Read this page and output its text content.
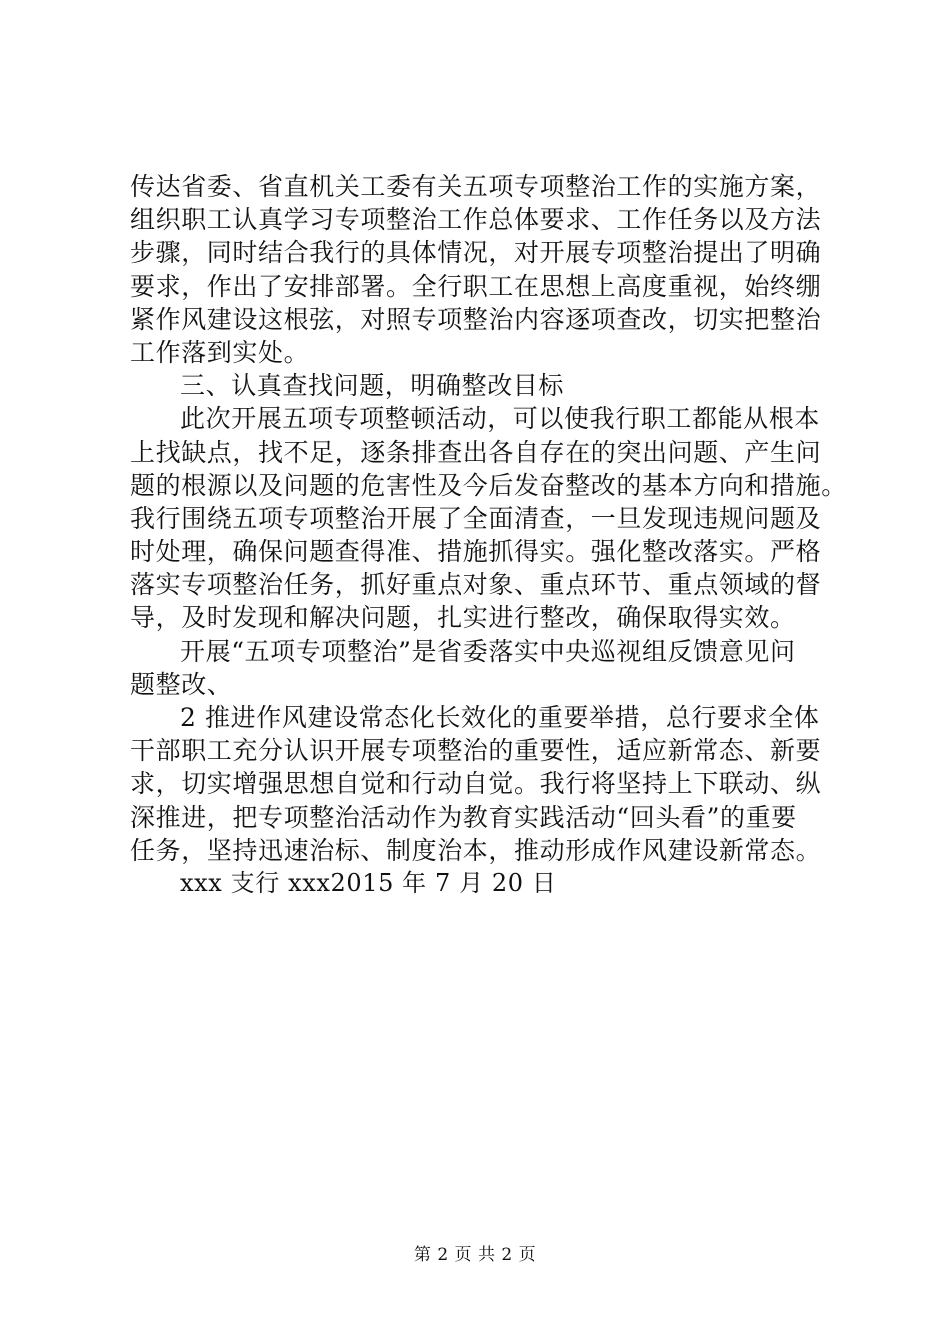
传达省委、省直机关工委有关五项专项整治工作的实施方案，
组织职工认真学习专项整治工作总体要求、工作任务以及方法
步骤，同时结合我行的具体情况，对开展专项整治提出了明确
要求，作出了安排部署。全行职工在思想上高度重视，始终绷
紧作风建设这根弦，对照专项整治内容逐项查改，切实把整治
工作落到实处。
三、认真查找问题，明确整改目标
此次开展五项专项整顿活动，可以使我行职工都能从根本
上找缺点，找不足，逐条排查出各自存在的突出问题、产生问
题的根源以及问题的危害性及今后发奋整改的基本方向和措施。
我行围绕五项专项整治开展了全面清查，一旦发现违规问题及
时处理，确保问题查得准、措施抓得实。强化整改落实。严格
落实专项整治任务，抓好重点对象、重点环节、重点领域的督
导，及时发现和解决问题，扎实进行整改，确保取得实效。
开展“五项专项整治”是省委落实中央巡视组反馈意见问
题整改、
2 推进作风建设常态化长效化的重要举措，总行要求全体
干部职工充分认识开展专项整治的重要性，适应新常态、新要
求，切实增强思想自觉和行动自觉。我行将坚持上下联动、纵
深推进，把专项整治活动作为教育实践活动“回头看”的重要
任务，坚持迅速治标、制度治本，推动形成作风建设新常态。
xxx 支行 xxx2015 年 7 月 20 日
第 2 页 共 2 页
